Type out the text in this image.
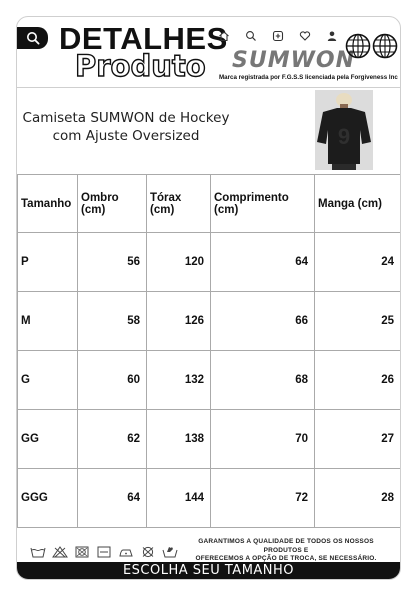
DETALHES
Produto SUMWON
Marca registrada por F.G.S.S licenciada pela Forgiveness Inc
Camiseta SUMWON de Hockey
com Ajuste Oversized	9
Tamanho	Ombro (cm)	Tórax (cm)	Comprimento (cm)	Manga (cm)
P	56	120	64	24
M	58	126	66	25
G	60	132	68	26
GG	62	138	70	27
GGG	64	144	72	28
GARANTIMOS A QUALIDADE DE TODOS OS NOSSOS PRODUTOS E
OFERECEMOS A OPÇÃO DE TROCA, SE NECESSÁRIO.
ESCOLHA SEU TAMANHO
